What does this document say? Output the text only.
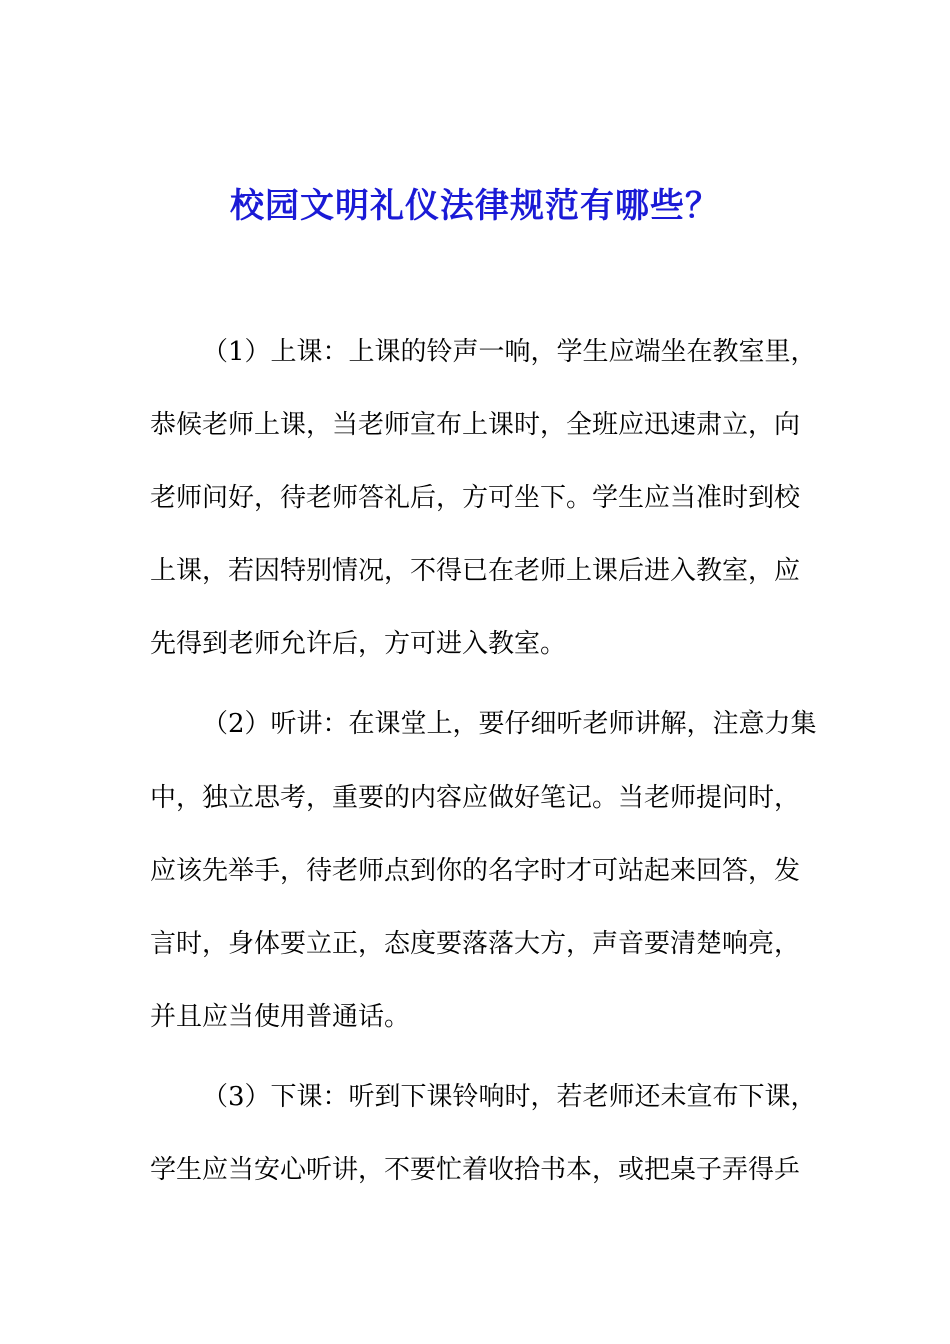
校园文明礼仪法律规范有哪些？
（1）上课：上课的铃声一响，学生应端坐在教室里，
恭候老师上课，当老师宣布上课时，全班应迅速肃立，向
老师问好，待老师答礼后，方可坐下。学生应当准时到校
上课，若因特别情况，不得已在老师上课后进入教室，应
先得到老师允许后，方可进入教室。
（2）听讲：在课堂上，要仔细听老师讲解，注意力集
中，独立思考，重要的内容应做好笔记。当老师提问时，
应该先举手，待老师点到你的名字时才可站起来回答，发
言时，身体要立正，态度要落落大方，声音要清楚响亮，
并且应当使用普通话。
（3）下课：听到下课铃响时，若老师还未宣布下课，
学生应当安心听讲，不要忙着收拾书本，或把桌子弄得乒
